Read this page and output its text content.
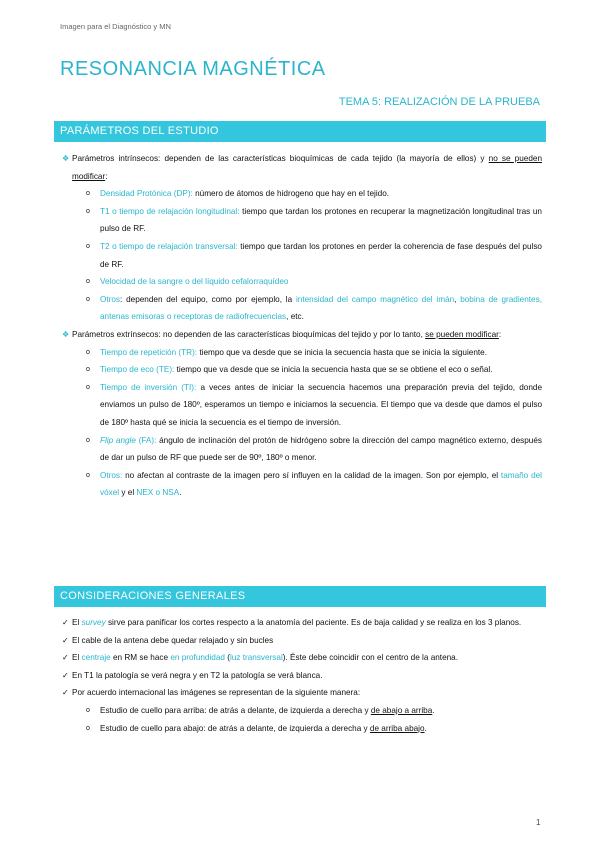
Imagen para el Diagnóstico y MN
RESONANCIA MAGNÉTICA
TEMA 5: REALIZACIÓN DE LA PRUEBA
PARÁMETROS DEL ESTUDIO
❖ Parámetros intrínsecos: dependen de las características bioquímicas de cada tejido (la mayoría de ellos) y no se pueden modificar:
o Densidad Protónica (DP): número de átomos de hidrogeno que hay en el tejido.
o T1 o tiempo de relajación longitudinal: tiempo que tardan los protones en recuperar la magnetización longitudinal tras un pulso de RF.
o T2 o tiempo de relajación transversal: tiempo que tardan los protones en perder la coherencia de fase después del pulso de RF.
o Velocidad de la sangre o del líquido cefalorraquídeo
o Otros: dependen del equipo, como por ejemplo, la intensidad del campo magnético del imán, bobina de gradientes, antenas emisoras o receptoras de radiofrecuencias, etc.
❖ Parámetros extrínsecos: no dependen de las características bioquímicas del tejido y por lo tanto, se pueden modificar:
o Tiempo de repetición (TR): tiempo que va desde que se inicia la secuencia hasta que se inicia la siguiente.
o Tiempo de eco (TE): tiempo que va desde que se inicia la secuencia hasta que se se obtiene el eco o señal.
o Tiempo de inversión (TI): a veces antes de iniciar la secuencia hacemos una preparación previa del tejido, donde enviamos un pulso de 180º, esperamos un tiempo e iniciamos la secuencia. El tiempo que va desde que damos el pulso de 180º hasta qué se inicia la secuencia es el tiempo de inversión.
o Flip angle (FA): ángulo de inclinación del protón de hidrógeno sobre la dirección del campo magnético externo, después de dar un pulso de RF que puede ser de 90º, 180º o menor.
o Otros: no afectan al contraste de la imagen pero sí influyen en la calidad de la imagen. Son por ejemplo, el tamaño del vóxel y el NEX o NSA.
CONSIDERACIONES GENERALES
✓ El survey sirve para panificar los cortes respecto a la anatomía del paciente. Es de baja calidad y se realiza en los 3 planos.
✓ El cable de la antena debe quedar relajado y sin bucles
✓ El centraje en RM se hace en profundidad (luz transversal). Éste debe coincidir con el centro de la antena.
✓ En T1 la patología se verá negra y en T2 la patología se verá blanca.
✓ Por acuerdo internacional las imágenes se representan de la siguiente manera:
o Estudio de cuello para arriba: de atrás a delante, de izquierda a derecha y de abajo a arriba.
o Estudio de cuello para abajo: de atrás a delante, de izquierda a derecha y de arriba abajo.
1
